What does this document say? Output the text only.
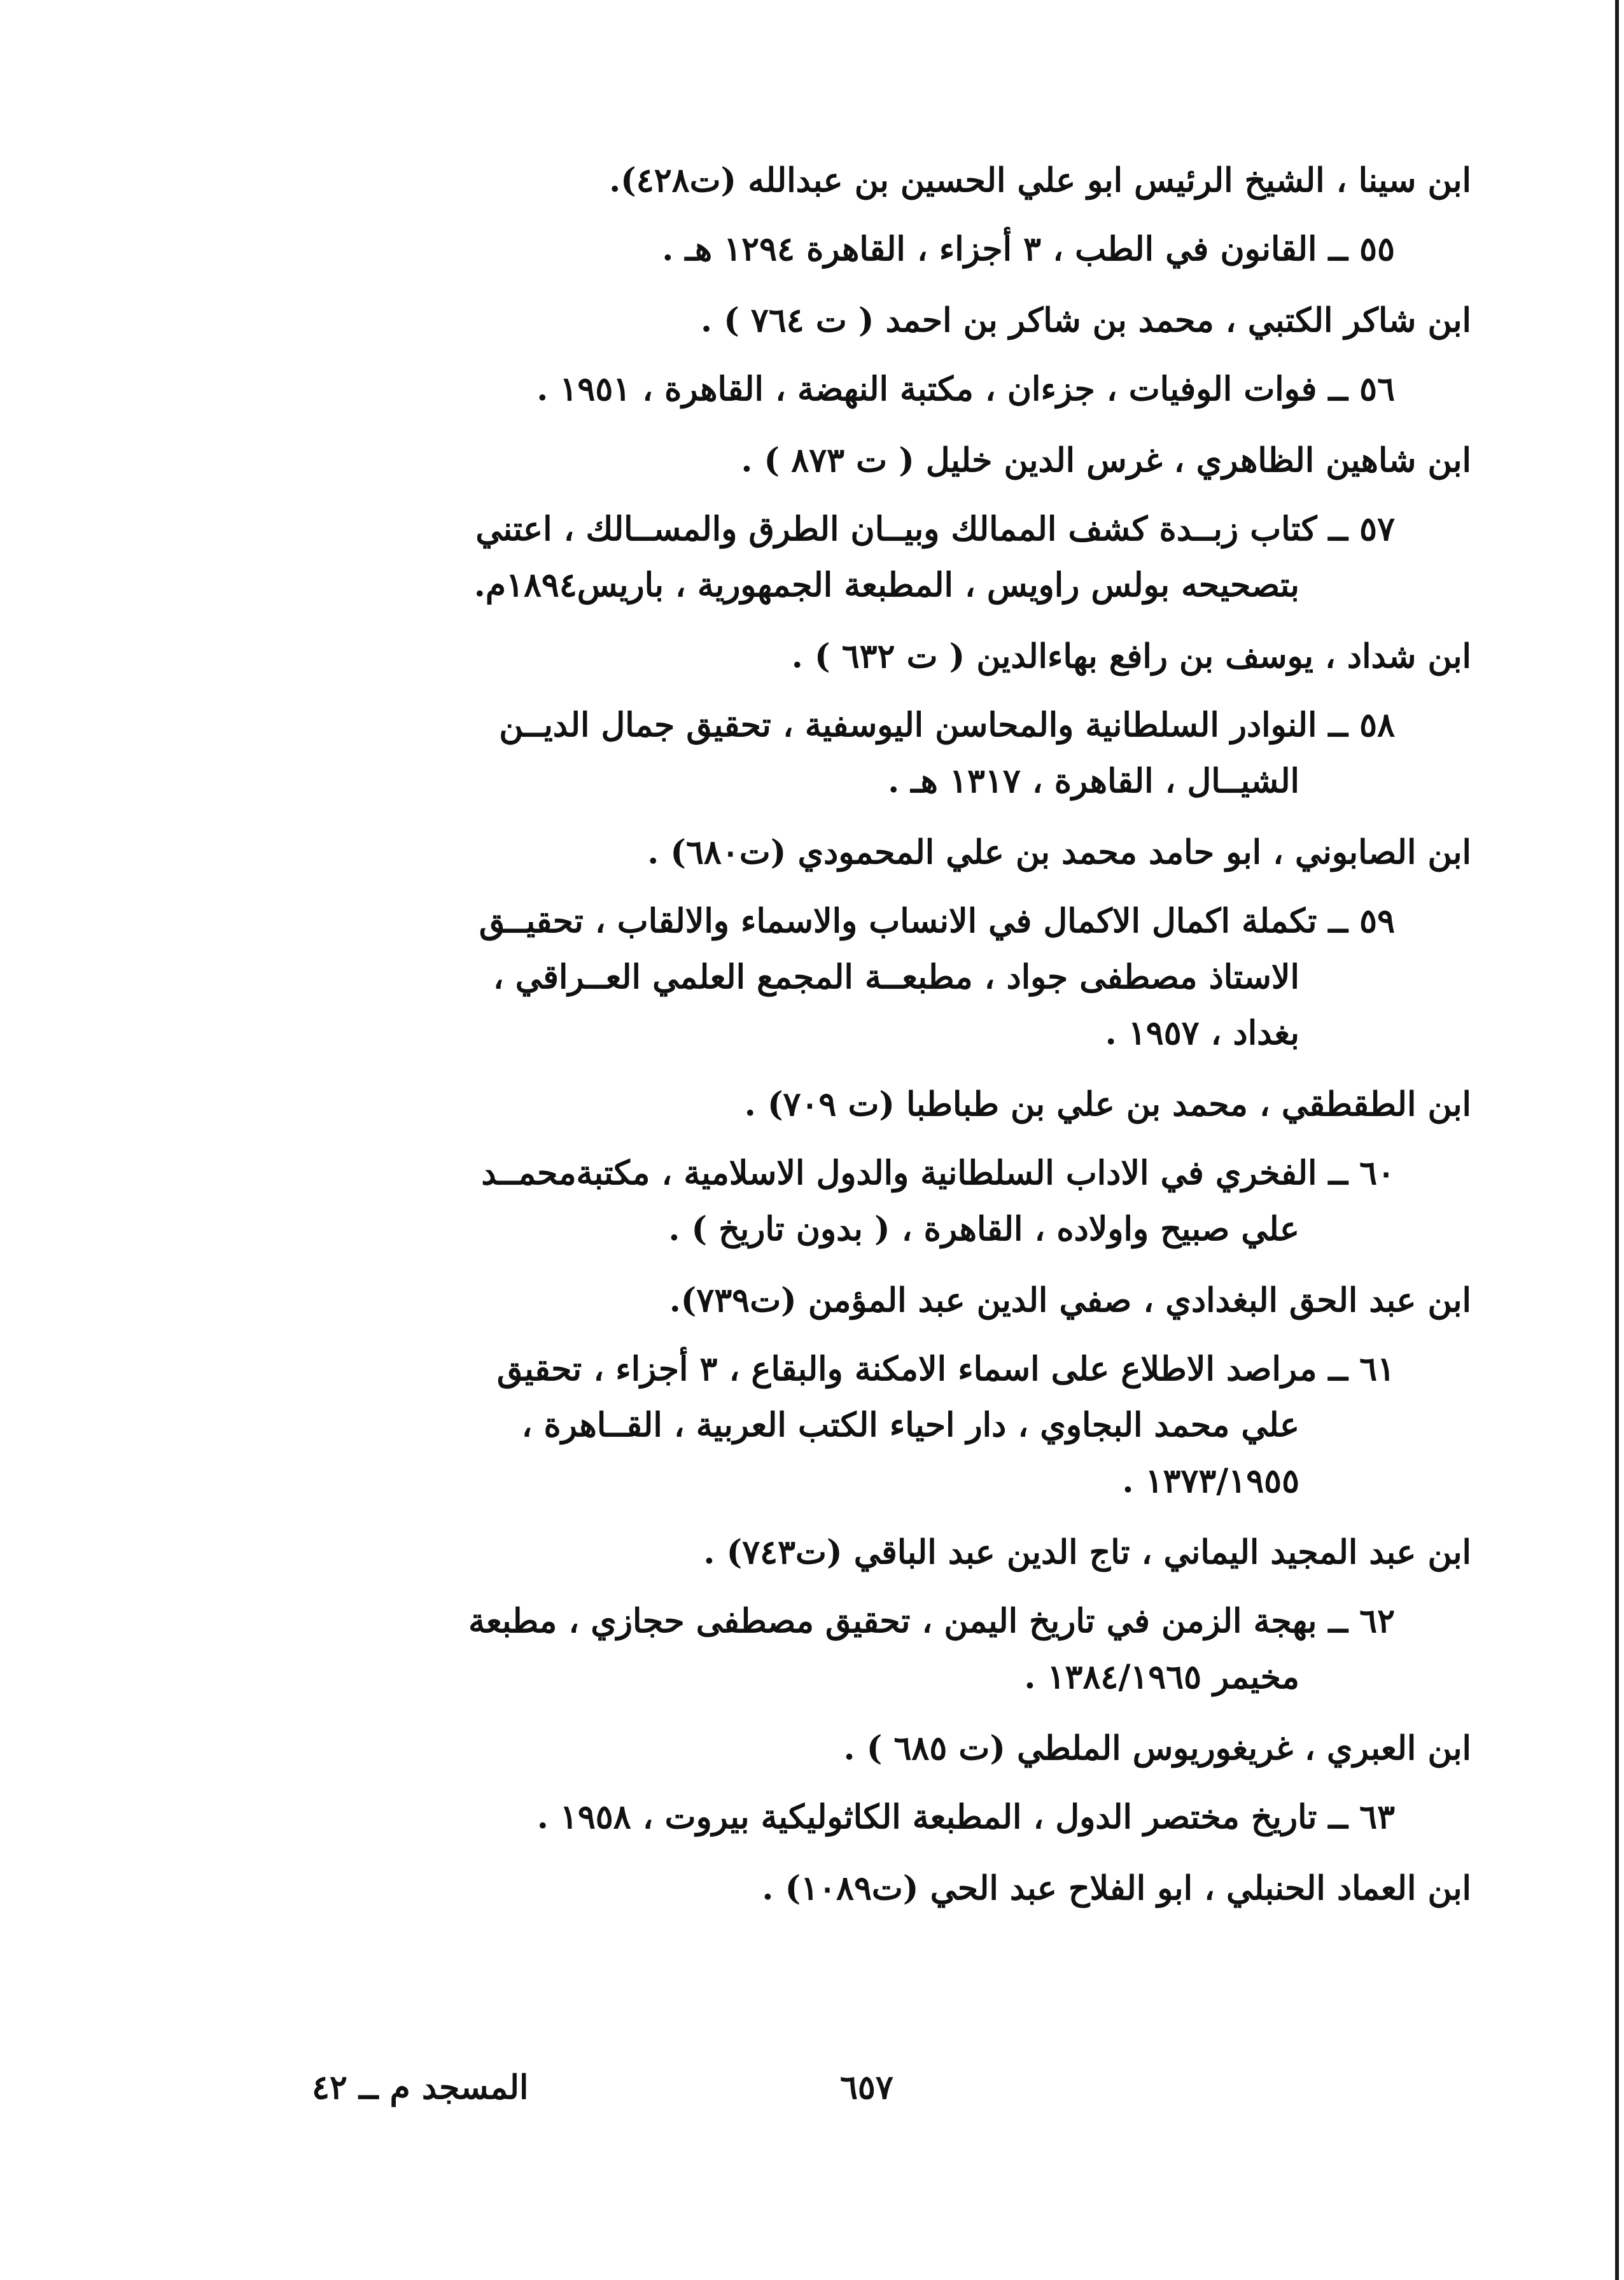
ابن سينا ، الشيخ الرئيس ابو علي الحسين بن عبدالله (ت٤٢٨).
٥٥ ــ القانون في الطب ، ٣ أجزاء ، القاهرة ١٢٩٤ هـ .
ابن شاكر الكتبي ، محمد بن شاكر بن احمد ( ت ٧٦٤ ) .
٥٦ ــ فوات الوفيات ، جزءان ، مكتبة النهضة ، القاهرة ، ١٩٥١ .
ابن شاهين الظاهري ، غرس الدين خليل ( ت ٨٧٣ ) .
٥٧ ــ كتاب زبــدة كشف الممالك وبيــان الطرق والمســالك ، اعتني
بتصحيحه بولس راويس ، المطبعة الجمهورية ، باريس١٨٩٤م.
ابن شداد ، يوسف بن رافع بهاءالدين ( ت ٦٣٢ ) .
٥٨ ــ النوادر السلطانية والمحاسن اليوسفية ، تحقيق جمال الديــن
الشيــال ، القاهرة ، ١٣١٧ هـ .
ابن الصابوني ، ابو حامد محمد بن علي المحمودي (ت٦٨٠) .
٥٩ ــ تكملة اكمال الاكمال في الانساب والاسماء والالقاب ، تحقيــق
الاستاذ مصطفى جواد ، مطبعــة المجمع العلمي العــراقي ،
بغداد ، ١٩٥٧ .
ابن الطقطقي ، محمد بن علي بن طباطبا (ت ٧٠٩) .
٦٠ ــ الفخري في الاداب السلطانية والدول الاسلامية ، مكتبةمحمــد
علي صبيح واولاده ، القاهرة ، ( بدون تاريخ ) .
ابن عبد الحق البغدادي ، صفي الدين عبد المؤمن (ت٧٣٩).
٦١ ــ مراصد الاطلاع على اسماء الامكنة والبقاع ، ٣ أجزاء ، تحقيق
علي محمد البجاوي ، دار احياء الكتب العربية ، القــاهرة ،
١٣٧٣/١٩٥٥ .
ابن عبد المجيد اليماني ، تاج الدين عبد الباقي (ت٧٤٣) .
٦٢ ــ بهجة الزمن في تاريخ اليمن ، تحقيق مصطفى حجازي ، مطبعة
مخيمر ١٣٨٤/١٩٦٥ .
ابن العبري ، غريغوريوس الملطي (ت ٦٨٥ ) .
٦٣ ــ تاريخ مختصر الدول ، المطبعة الكاثوليكية بيروت ، ١٩٥٨ .
ابن العماد الحنبلي ، ابو الفلاح عبد الحي (ت١٠٨٩) .
٦٥٧
المسجد م ــ ٤٢
